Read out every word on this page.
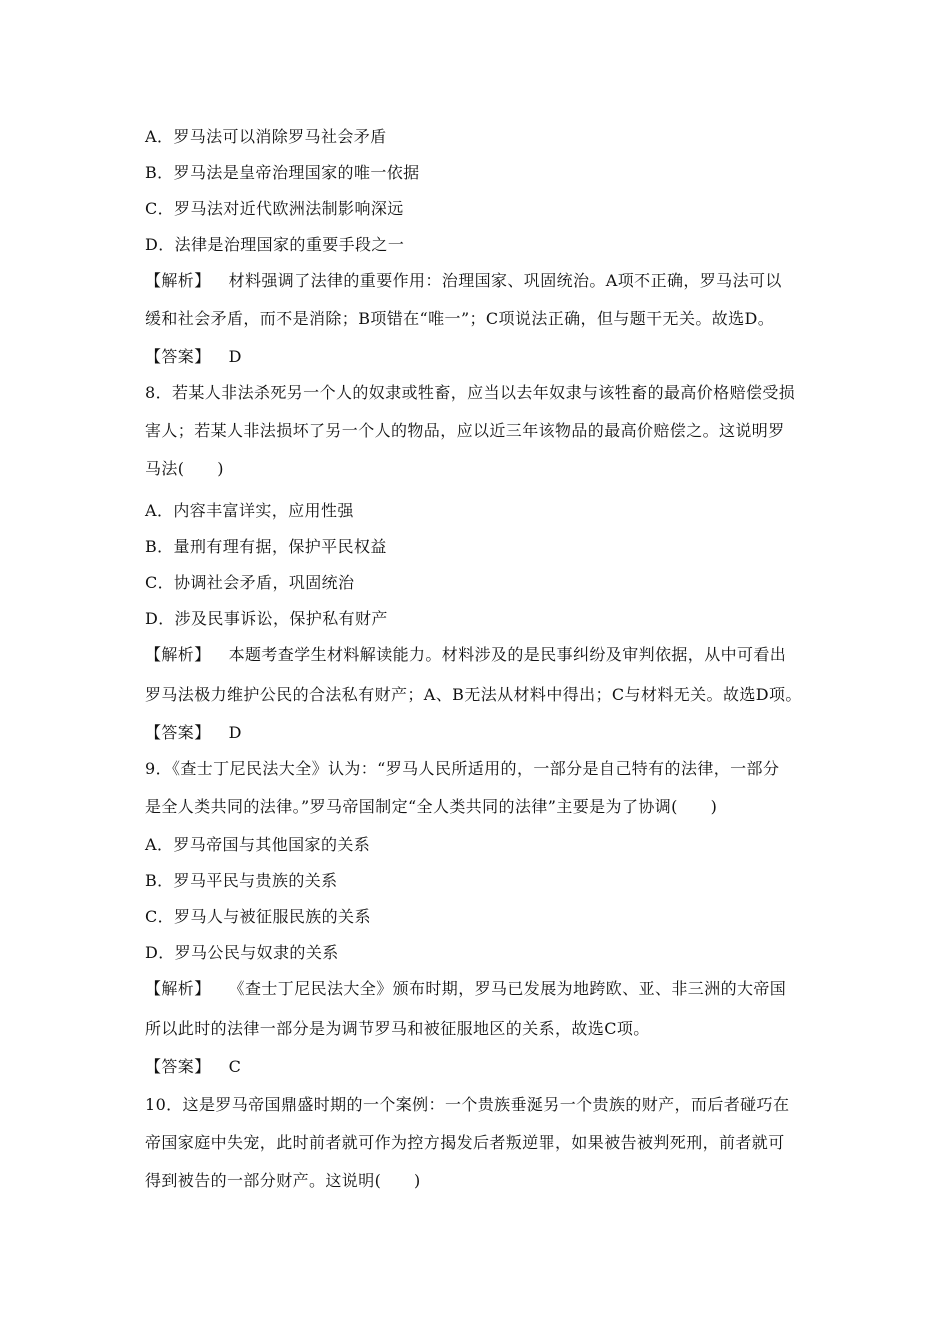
A．罗马法可以消除罗马社会矛盾
B．罗马法是皇帝治理国家的唯一依据
C．罗马法对近代欧洲法制影响深远
D．法律是治理国家的重要手段之一
【解析】 材料强调了法律的重要作用：治理国家、巩固统治。A项不正确，罗马法可以
缓和社会矛盾，而不是消除；B项错在“唯一”；C项说法正确，但与题干无关。故选D。
【答案】 D
8．若某人非法杀死另一个人的奴隶或牲畜，应当以去年奴隶与该牲畜的最高价格赔偿受损
害人；若某人非法损坏了另一个人的物品，应以近三年该物品的最高价赔偿之。这说明罗
马法(　　)
A．内容丰富详实，应用性强
B．量刑有理有据，保护平民权益
C．协调社会矛盾，巩固统治
D．涉及民事诉讼，保护私有财产
【解析】 本题考查学生材料解读能力。材料涉及的是民事纠纷及审判依据，从中可看出
罗马法极力维护公民的合法私有财产；A、B无法从材料中得出；C与材料无关。故选D项。
【答案】 D
9．《查士丁尼民法大全》认为：“罗马人民所适用的，一部分是自己特有的法律，一部分
是全人类共同的法律。”罗马帝国制定“全人类共同的法律”主要是为了协调(　　)
A．罗马帝国与其他国家的关系
B．罗马平民与贵族的关系
C．罗马人与被征服民族的关系
D．罗马公民与奴隶的关系
【解析】 《查士丁尼民法大全》颁布时期，罗马已发展为地跨欧、亚、非三洲的大帝国
所以此时的法律一部分是为调节罗马和被征服地区的关系，故选C项。
【答案】 C
10．这是罗马帝国鼎盛时期的一个案例：一个贵族垂涎另一个贵族的财产，而后者碰巧在
帝国家庭中失宠，此时前者就可作为控方揭发后者叛逆罪，如果被告被判死刑，前者就可
得到被告的一部分财产。这说明(　　)
